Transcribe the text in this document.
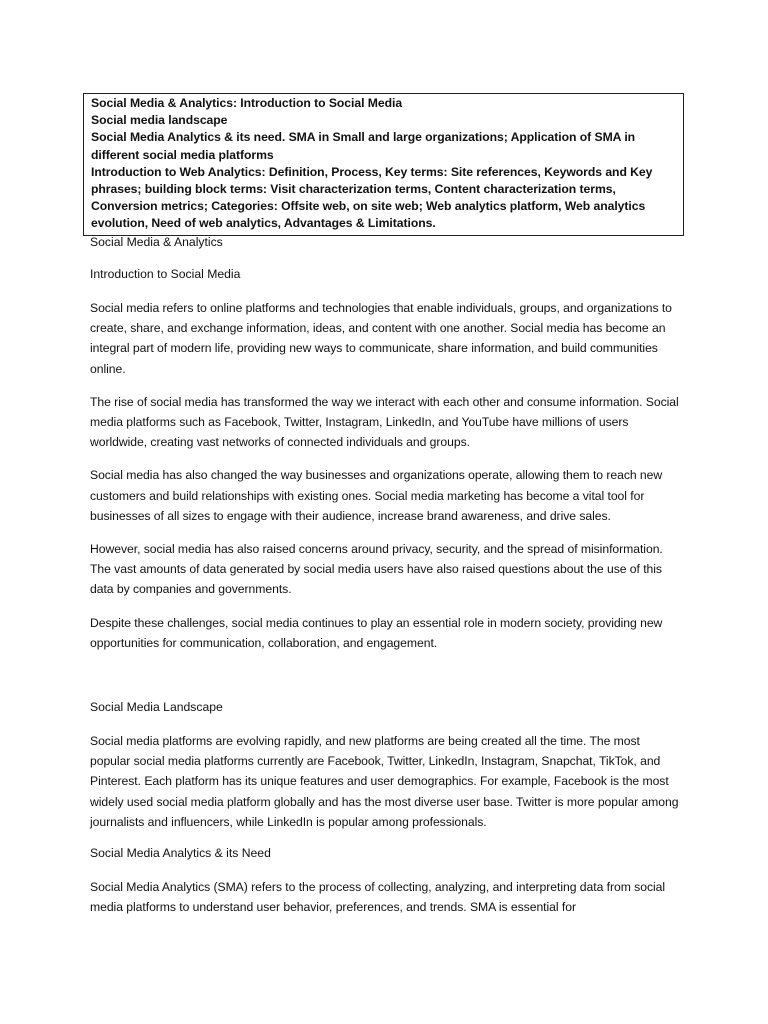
Social Media & Analytics: Introduction to Social Media
Social media landscape
Social Media Analytics & its need. SMA in Small and large organizations; Application of SMA in
different social media platforms
Introduction to Web Analytics: Definition, Process, Key terms: Site references, Keywords and Key
phrases; building block terms: Visit characterization terms, Content characterization terms,
Conversion metrics; Categories: Offsite web, on site web; Web analytics platform, Web analytics
evolution, Need of web analytics, Advantages & Limitations.

Social Media & Analytics

Introduction to Social Media

Social media refers to online platforms and technologies that enable individuals, groups, and organizations to create, share, and exchange information, ideas, and content with one another. Social media has become an integral part of modern life, providing new ways to communicate, share information, and build communities online.

The rise of social media has transformed the way we interact with each other and consume information. Social media platforms such as Facebook, Twitter, Instagram, LinkedIn, and YouTube have millions of users worldwide, creating vast networks of connected individuals and groups.

Social media has also changed the way businesses and organizations operate, allowing them to reach new customers and build relationships with existing ones. Social media marketing has become a vital tool for businesses of all sizes to engage with their audience, increase brand awareness, and drive sales.

However, social media has also raised concerns around privacy, security, and the spread of misinformation. The vast amounts of data generated by social media users have also raised questions about the use of this data by companies and governments.

Despite these challenges, social media continues to play an essential role in modern society, providing new opportunities for communication, collaboration, and engagement.

Social Media Landscape

Social media platforms are evolving rapidly, and new platforms are being created all the time. The most popular social media platforms currently are Facebook, Twitter, LinkedIn, Instagram, Snapchat, TikTok, and Pinterest. Each platform has its unique features and user demographics. For example, Facebook is the most widely used social media platform globally and has the most diverse user base. Twitter is more popular among journalists and influencers, while LinkedIn is popular among professionals.

Social Media Analytics & its Need

Social Media Analytics (SMA) refers to the process of collecting, analyzing, and interpreting data from social media platforms to understand user behavior, preferences, and trends. SMA is essential for
